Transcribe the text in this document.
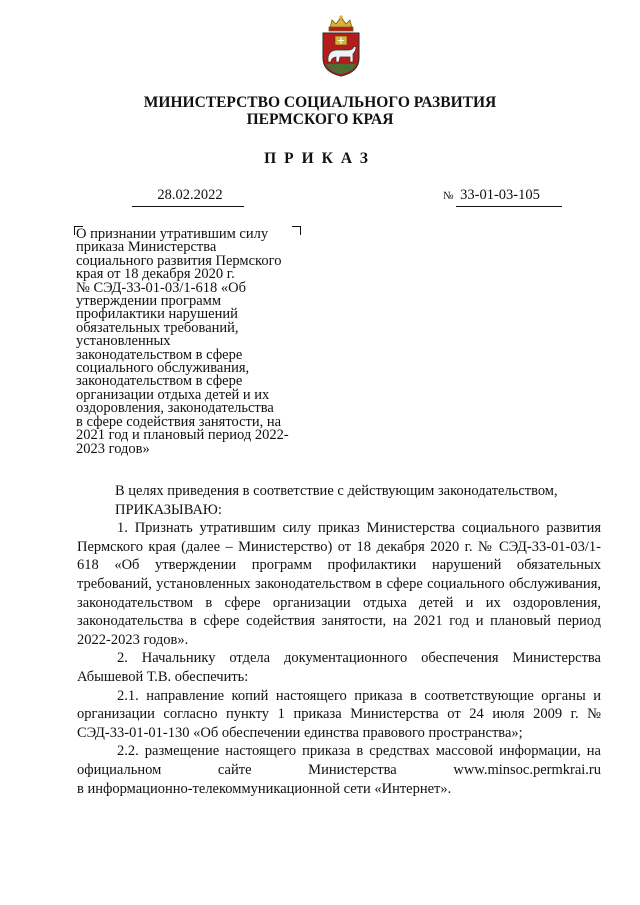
МИНИСТЕРСТВО СОЦИАЛЬНОГО РАЗВИТИЯ
ПЕРМСКОГО КРАЯ
ПРИКАЗ
28.02.2022	№ 33-01-03-105
О признании утратившим силу
приказа Министерства
социального развития Пермского
края от 18 декабря 2020 г.
№ СЭД-33-01-03/1-618 «Об
утверждении программ
профилактики нарушений
обязательных требований,
установленных
законодательством в сфере
социального обслуживания,
законодательством в сфере
организации отдыха детей и их
оздоровления, законодательства
в сфере содействия занятости, на
2021 год и плановый период 2022-
2023 годов»

В целях приведения в соответствие с действующим законодательством,

ПРИКАЗЫВАЮ:

1. Признать утратившим силу приказ Министерства социального развития Пермского края (далее – Министерство) от 18 декабря 2020 г. № СЭД-33-01-03/1-618 «Об утверждении программ профилактики нарушений обязательных требований, установленных законодательством в сфере социального обслуживания, законодательством в сфере организации отдыха детей и их оздоровления, законодательства в сфере содействия занятости, на 2021 год и плановый период 2022-2023 годов».

2. Начальнику отдела документационного обеспечения Министерства Абышевой Т.В. обеспечить:

2.1. направление копий настоящего приказа в соответствующие органы и организации согласно пункту 1 приказа Министерства от 24 июля 2009 г. № СЭД-33-01-01-130 «Об обеспечении единства правового пространства»;

2.2. размещение настоящего приказа в средствах массовой информации, на официальном сайте Министерства www.minsoc.permkrai.ru

в информационно-телекоммуникационной сети «Интернет».
